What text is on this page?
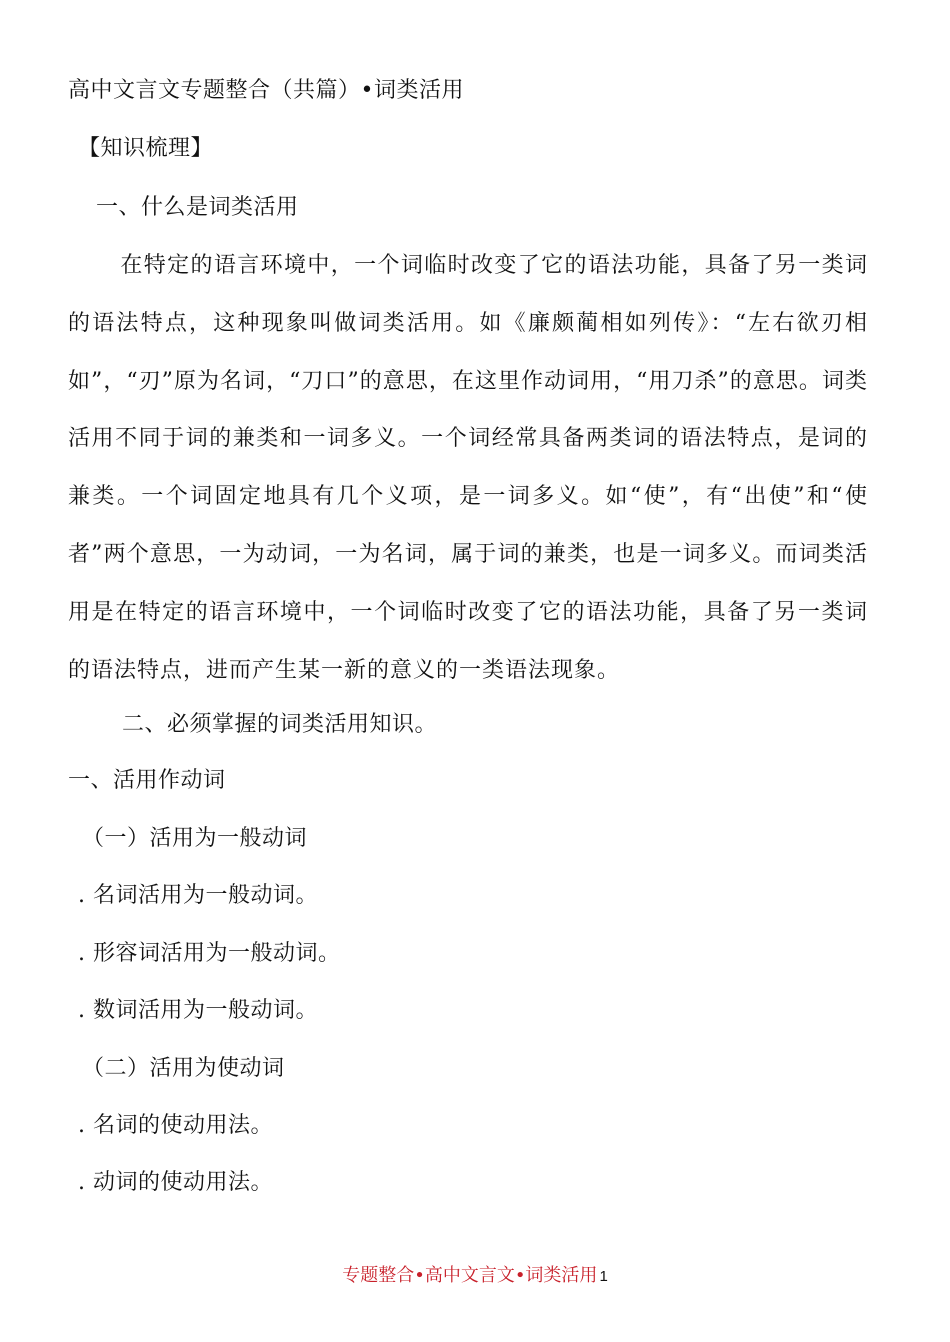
高中文言文专题整合（共篇）•词类活用
【知识梳理】
一、什么是词类活用
在特定的语言环境中，一个词临时改变了它的语法功能，具备了另一类词的语法特点，这种现象叫做词类活用。如《廉颇蔺相如列传》：“左右欲刃相如”，“刃”原为名词，“刀口”的意思，在这里作动词用，“用刀杀”的意思。词类活用不同于词的兼类和一词多义。一个词经常具备两类词的语法特点，是词的兼类。一个词固定地具有几个义项，是一词多义。如“使”，有“出使”和“使者”两个意思，一为动词，一为名词，属于词的兼类，也是一词多义。而词类活用是在特定的语言环境中，一个词临时改变了它的语法功能，具备了另一类词的语法特点，进而产生某一新的意义的一类语法现象。
二、必须掌握的词类活用知识。
一、活用作动词
（一）活用为一般动词
. 名词活用为一般动词。
. 形容词活用为一般动词。
. 数词活用为一般动词。
（二）活用为使动词
. 名词的使动用法。
. 动词的使动用法。
专题整合•高中文言文•词类活用 1
